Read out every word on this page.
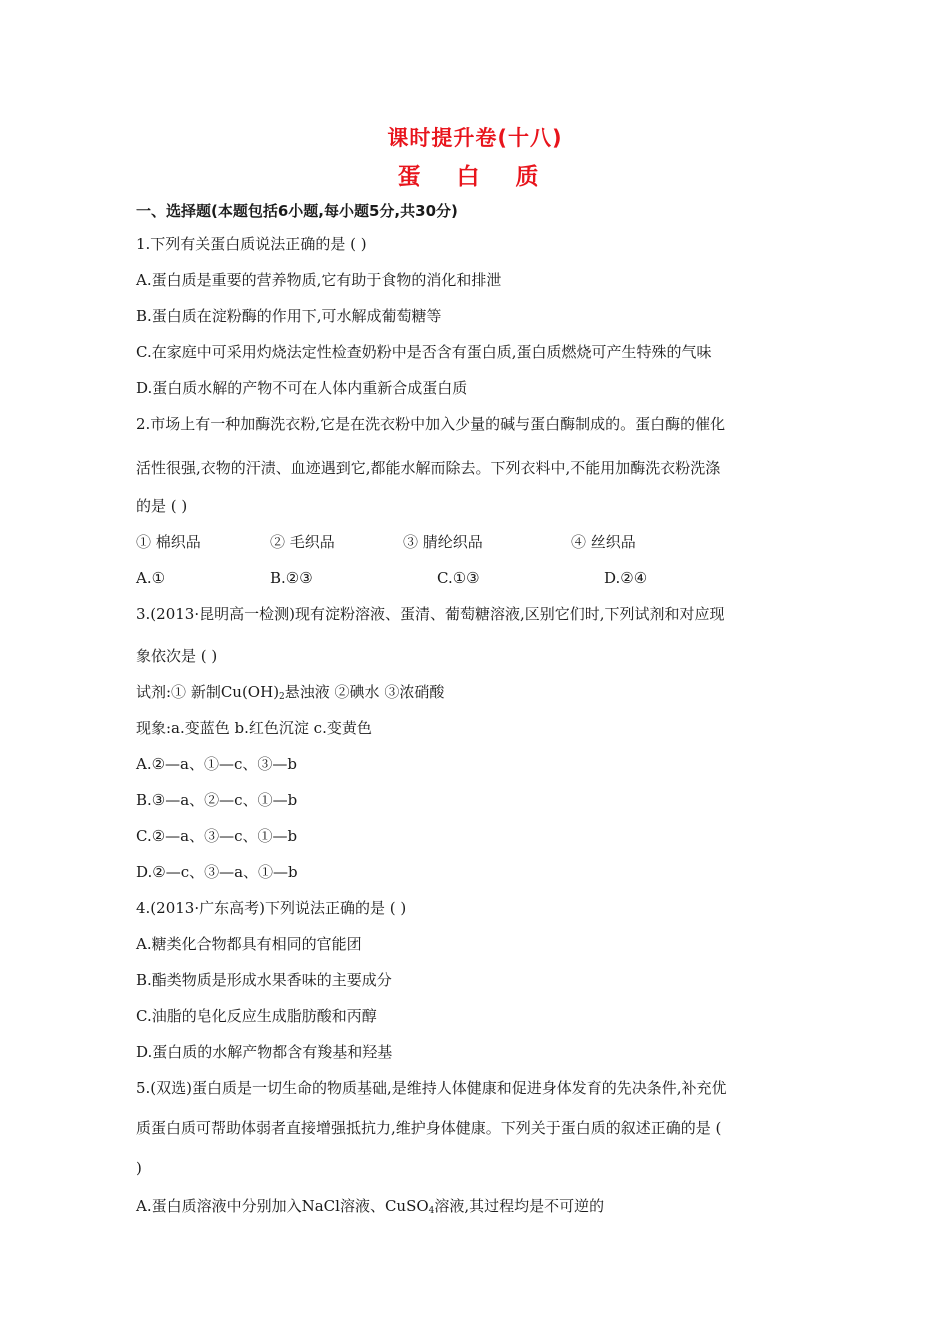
课时提升卷(十八)
蛋 白 质
一、选择题(本题包括6小题,每小题5分,共30分)
1.下列有关蛋白质说法正确的是 ( )
A.蛋白质是重要的营养物质,它有助于食物的消化和排泄
B.蛋白质在淀粉酶的作用下,可水解成葡萄糖等
C.在家庭中可采用灼烧法定性检查奶粉中是否含有蛋白质,蛋白质燃烧可产生特殊的气味
D.蛋白质水解的产物不可在人体内重新合成蛋白质
2.市场上有一种加酶洗衣粉,它是在洗衣粉中加入少量的碱与蛋白酶制成的。蛋白酶的催化
活性很强,衣物的汗渍、血迹遇到它,都能水解而除去。下列衣料中,不能用加酶洗衣粉洗涤
的是 ( )
① 棉织品	② 毛织品	③ 腈纶织品	④ 丝织品
A.①	B.②③	C.①③	D.②④
3.(2013·昆明高一检测)现有淀粉溶液、蛋清、葡萄糖溶液,区别它们时,下列试剂和对应现
象依次是 ( )
试剂:① 新制$Cu(OH)_2$悬浊液 ②碘水 ③浓硝酸
现象:a.变蓝色 b.红色沉淀 c.变黄色
A.②—a、①—c、③—b
B.③—a、②—c、①—b
C.②—a、③—c、①—b
D.②—c、③—a、①—b
4.(2013·广东高考)下列说法正确的是 ( )
A.糖类化合物都具有相同的官能团
B.酯类物质是形成水果香味的主要成分
C.油脂的皂化反应生成脂肪酸和丙醇
D.蛋白质的水解产物都含有羧基和羟基
5.(双选)蛋白质是一切生命的物质基础,是维持人体健康和促进身体发育的先决条件,补充优
质蛋白质可帮助体弱者直接增强抵抗力,维护身体健康。下列关于蛋白质的叙述正确的是 (
)
A.蛋白质溶液中分别加入NaCl溶液、CuSO$_4$溶液,其过程均是不可逆的
